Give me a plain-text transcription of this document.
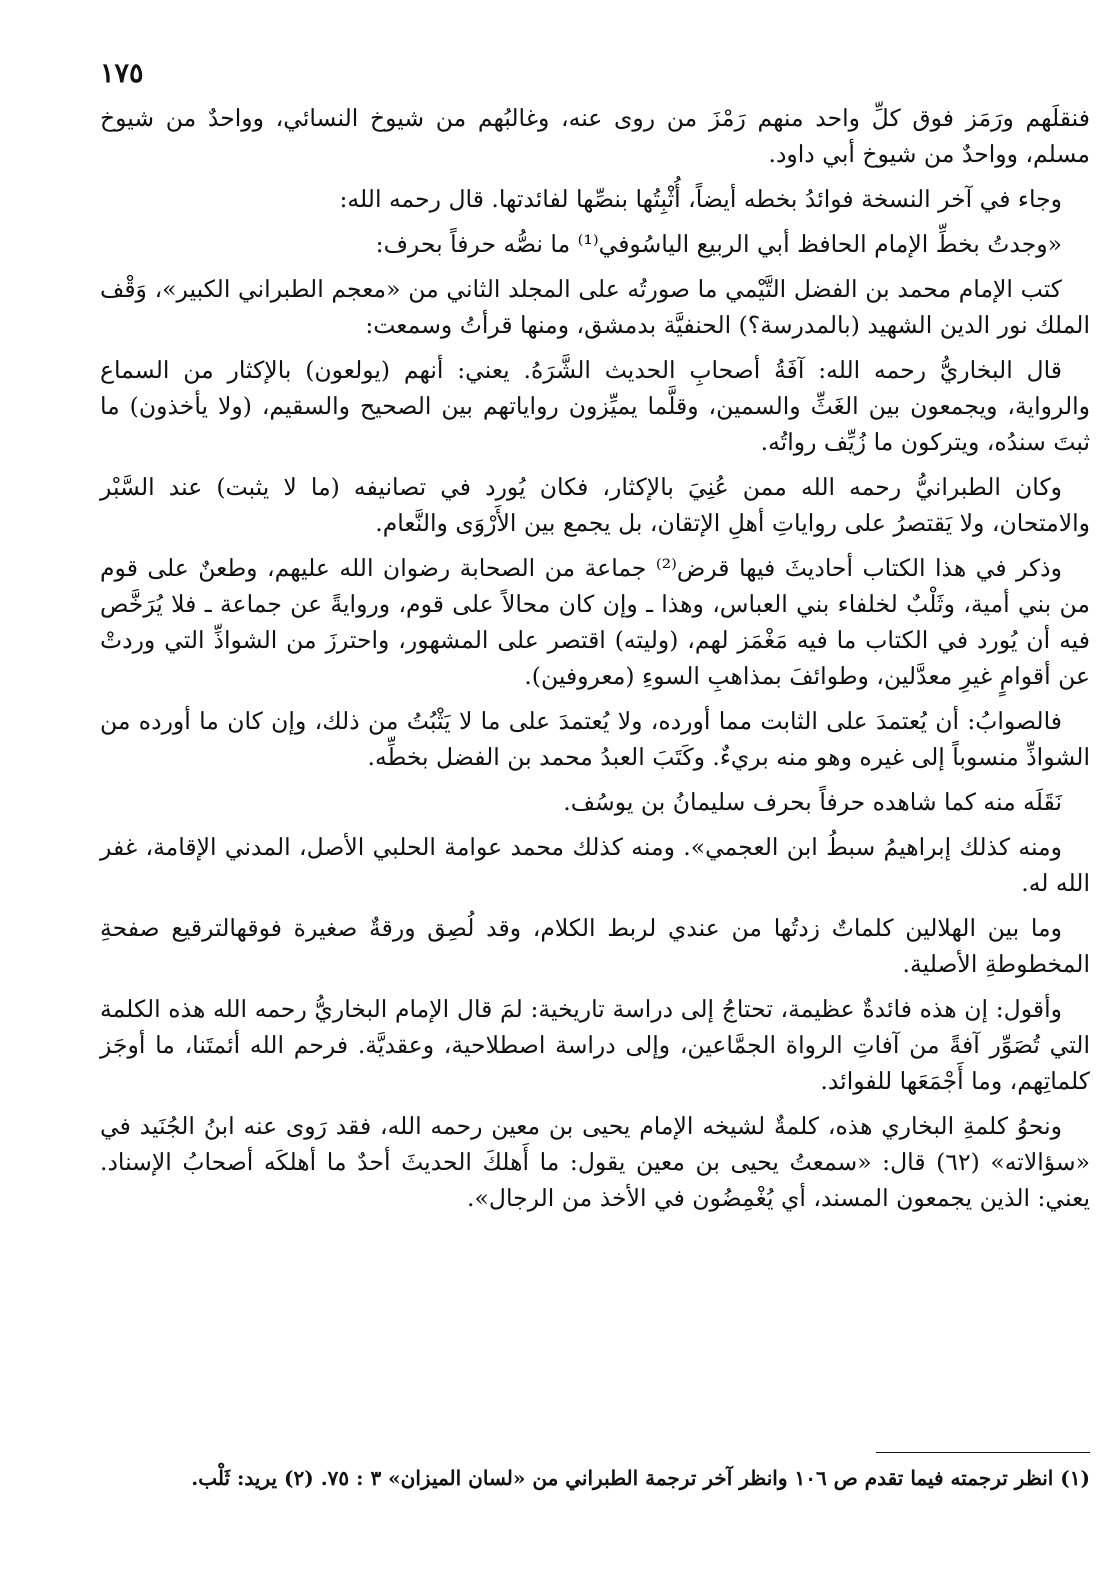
١٧٥

فنقلَهم ورَمَز فوق كلِّ واحد منهم رَمْزَ من روى عنه، وغالبُهم من شيوخ النسائي، وواحدٌ من شيوخ مسلم، وواحدٌ من شيوخ أبي داود.

وجاء في آخر النسخة فوائدُ بخطه أيضاً، أُثْبِتُها بنصِّها لفائدتها. قال رحمه الله:

«وجدتُ بخطِّ الإمام الحافظ أبي الربيع الياسُوفي⁽¹⁾ ما نصُّه حرفاً بحرف:

كتب الإمام محمد بن الفضل التَّيْمي ما صورتُه على المجلد الثاني من «معجم الطبراني الكبير»، وَقْف الملك نور الدين الشهيد (بالمدرسة؟) الحنفيَّة بدمشق، ومنها قرأتُ وسمعت:

قال البخاريُّ رحمه الله: آفَةُ أصحابِ الحديث الشَّرَهُ. يعني: أنهم (يولعون) بالإكثار من السماع والرواية، ويجمعون بين الغَثِّ والسمين، وقلَّما يميِّزون رواياتهم بين الصحيح والسقيم، (ولا يأخذون) ما ثبتَ سندُه، ويتركون ما زُيِّف رواتُه.

وكان الطبرانيُّ رحمه الله ممن عُنِيَ بالإكثار، فكان يُورد في تصانيفه (ما لا يثبت) عند السَّبْر والامتحان، ولا يَقتصرُ على رواياتِ أهلِ الإتقان، بل يجمع بين الأَرْوَى والنَّعام.

وذكر في هذا الكتاب أحاديثَ فيها قرض⁽²⁾ جماعة من الصحابة رضوان الله عليهم، وطعنٌ على قوم من بني أمية، وثَلْبٌ لخلفاء بني العباس، وهذا ـ وإن كان محالاً على قوم، وروايةً عن جماعة ـ فلا يُرَخَّص فيه أن يُورد في الكتاب ما فيه مَغْمَز لهم، (وليته) اقتصر على المشهور، واحترزَ من الشواذِّ التي وردتْ عن أقوامٍ غيرِ معدَّلين، وطوائفَ بمذاهبِ السوءِ (معروفين).

فالصوابُ: أن يُعتمدَ على الثابت مما أورده، ولا يُعتمدَ على ما لا يَثْبُتُ من ذلك، وإن كان ما أورده من الشواذِّ منسوباً إلى غيره وهو منه بريءٌ. وكَتَبَ العبدُ محمد بن الفضل بخطِّه.

نَقَلَه منه كما شاهده حرفاً بحرف سليمانُ بن يوسُف.

ومنه كذلك إبراهيمُ سبطُ ابن العجمي». ومنه كذلك محمد عوامة الحلبي الأصل، المدني الإقامة، غفر الله له.

وما بين الهلالين كلماتٌ زدتُها من عندي لربط الكلام، وقد لُصِق ورقةٌ صغيرة فوقهالترقيع صفحةِ المخطوطةِ الأصلية.

وأقول: إن هذه فائدةٌ عظيمة، تحتاجُ إلى دراسة تاريخية: لمَ قال الإمام البخاريُّ رحمه الله هذه الكلمة التي تُصَوِّر آفةً من آفاتِ الرواة الجمَّاعين، وإلى دراسة اصطلاحية، وعقديَّة. فرحم الله أئمتَنا، ما أوجَز كلماتِهم، وما أَجْمَعَها للفوائد.

ونحوُ كلمةِ البخاري هذه، كلمةٌ لشيخه الإمام يحيى بن معين رحمه الله، فقد رَوى عنه ابنُ الجُنَيد في «سؤالاته» (٦٢) قال: «سمعتُ يحيى بن معين يقول: ما أَهلكَ الحديثَ أحدٌ ما أهلكَه أصحابُ الإسناد. يعني: الذين يجمعون المسند، أي يُغْمِضُون في الأخذ من الرجال».

(١) انظر ترجمته فيما تقدم ص ١٠٦ وانظر آخر ترجمة الطبراني من «لسان الميزان» ٣ : ٧٥. (٢) يريد: ثَلْب.
